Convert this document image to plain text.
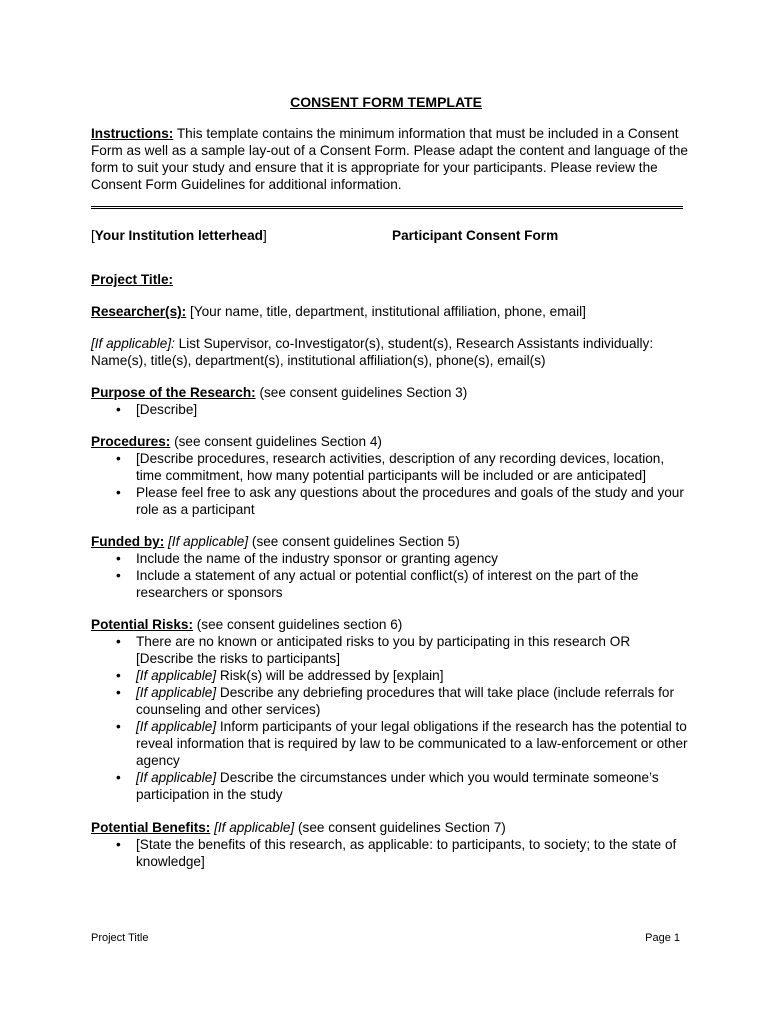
CONSENT FORM TEMPLATE

Instructions: This template contains the minimum information that must be included in a Consent Form as well as a sample lay-out of a Consent Form. Please adapt the content and language of the form to suit your study and ensure that it is appropriate for your participants. Please review the Consent Form Guidelines for additional information.

[Your Institution letterhead]	Participant Consent Form

Project Title:

Researcher(s): [Your name, title, department, institutional affiliation, phone, email]

[If applicable]: List Supervisor, co-Investigator(s), student(s), Research Assistants individually: Name(s), title(s), department(s), institutional affiliation(s), phone(s), email(s)

Purpose of the Research: (see consent guidelines Section 3)

• [Describe]

Procedures: (see consent guidelines Section 4)

• [Describe procedures, research activities, description of any recording devices, location, time commitment, how many potential participants will be included or are anticipated]
• Please feel free to ask any questions about the procedures and goals of the study and your role as a participant

Funded by: [If applicable] (see consent guidelines Section 5)

• Include the name of the industry sponsor or granting agency
• Include a statement of any actual or potential conflict(s) of interest on the part of the researchers or sponsors

Potential Risks: (see consent guidelines section 6)

• There are no known or anticipated risks to you by participating in this research OR [Describe the risks to participants]
• [If applicable] Risk(s) will be addressed by [explain]
• [If applicable] Describe any debriefing procedures that will take place (include referrals for counseling and other services)
• [If applicable] Inform participants of your legal obligations if the research has the potential to reveal information that is required by law to be communicated to a law-enforcement or other agency
• [If applicable] Describe the circumstances under which you would terminate someone’s participation in the study

Potential Benefits: [If applicable] (see consent guidelines Section 7)

• [State the benefits of this research, as applicable: to participants, to society; to the state of knowledge]
Project Title	Page 1
